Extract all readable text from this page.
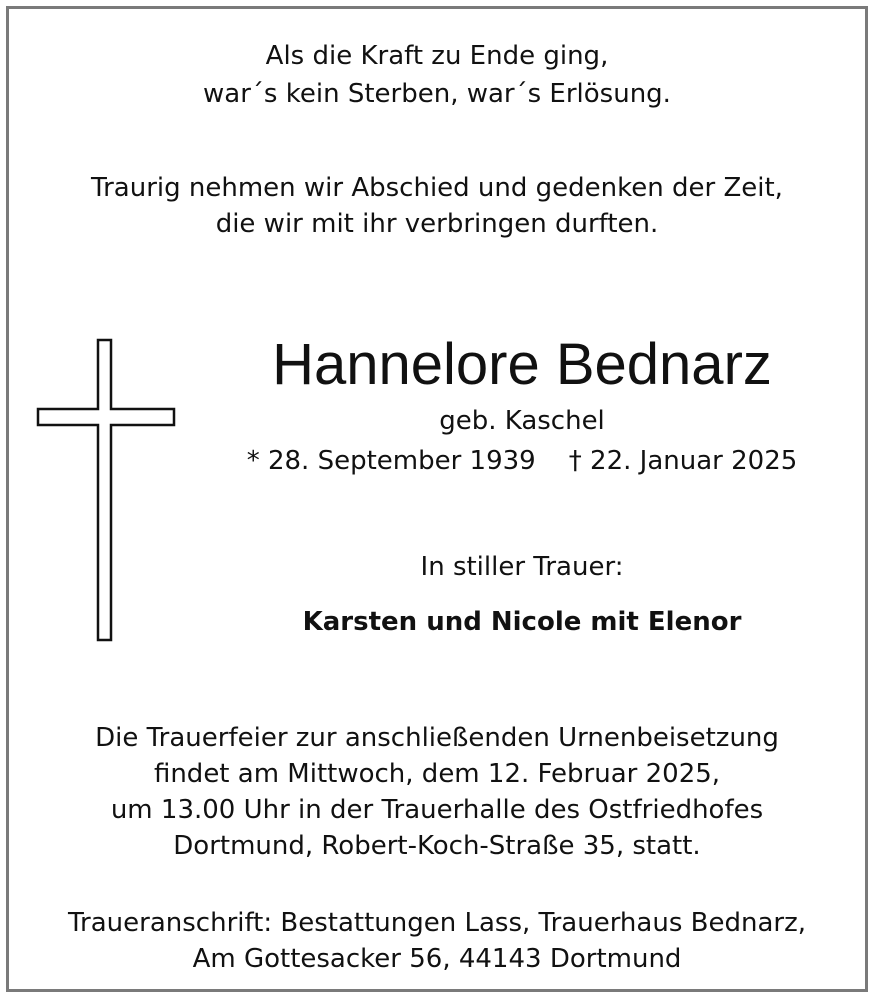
Als die Kraft zu Ende ging,
war´s kein Sterben, war´s Erlösung.
Traurig nehmen wir Abschied und gedenken der Zeit,
die wir mit ihr verbringen durften.
Hannelore Bednarz
geb. Kaschel
* 28. September 1939    † 22. Januar 2025
In stiller Trauer:
Karsten und Nicole mit Elenor
Die Trauerfeier zur anschließenden Urnenbeisetzung
findet am Mittwoch, dem 12. Februar 2025,
um 13.00 Uhr in der Trauerhalle des Ostfriedhofes
Dortmund, Robert-Koch-Straße 35, statt.
Traueranschrift: Bestattungen Lass, Trauerhaus Bednarz,
Am Gottesacker 56, 44143 Dortmund
